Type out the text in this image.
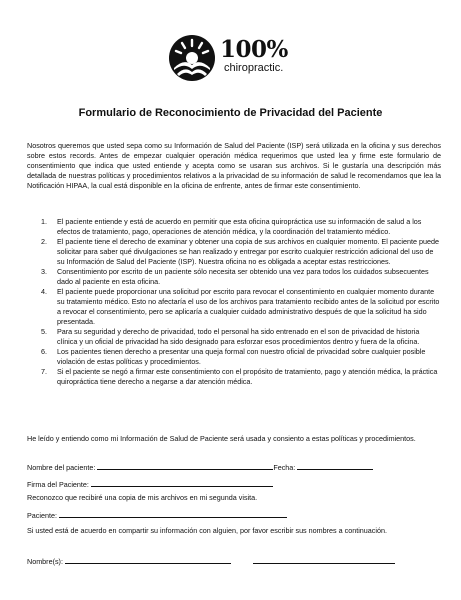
100%
chiropractic.
Formulario de Reconocimiento de Privacidad del Paciente
Nosotros queremos que usted sepa como su Información de Salud del Paciente (ISP) será utilizada en la oficina y sus derechos sobre estos records. Antes de empezar cualquier operación médica requerimos que usted lea y firme este formulario de consentimiento que indica que usted entiende y acepta como se usaran sus archivos. Si le gustaría una descripción más detallada de nuestras políticas y procedimientos relativos a la privacidad de su información de salud le recomendamos que lea la Notificación HIPAA, la cual está disponible en la oficina de enfrente, antes de firmar este consentimiento.
1. El paciente entiende y está de acuerdo en permitir que esta oficina quiropráctica use su información de salud a los efectos de tratamiento, pago, operaciones de atención médica, y la coordinación del tratamiento médico.
2. El paciente tiene el derecho de examinar y obtener una copia de sus archivos en cualquier momento. El paciente puede solicitar para saber qué divulgaciones se han realizado y entregar por escrito cualquier restricción adicional del uso de su Información de Salud del Paciente (ISP). Nuestra oficina no es obligada a aceptar estas restricciones.
3. Consentimiento por escrito de un paciente sólo necesita ser obtenido una vez para todos los cuidados subsecuentes dado al paciente en esta oficina.
4. El paciente puede proporcionar una solicitud por escrito para revocar el consentimiento en cualquier momento durante su tratamiento médico. Esto no afectaría el uso de los archivos para tratamiento recibido antes de la solicitud por escrito a revocar el consentimiento, pero se aplicaría a cualquier cuidado administrativo después de que la solicitud ha sido presentada.
5. Para su seguridad y derecho de privacidad, todo el personal ha sido entrenado en el son de privacidad de historia clínica y un oficial de privacidad ha sido designado para esforzar esos procedimientos dentro y fuera de la oficina.
6. Los pacientes tienen derecho a presentar una queja formal con nuestro oficial de privacidad sobre cualquier posible violación de estas políticas y procedimientos.
7. Si el paciente se negó a firmar este consentimiento con el propósito de tratamiento, pago y atención médica, la práctica quiropráctica tiene derecho a negarse a dar atención médica.
He leído y entiendo como mi Información de Salud de Paciente será usada y consiento a estas políticas y procedimientos.
Nombre del paciente:	Fecha:
Firma del Paciente:
Reconozco que recibiré una copia de mis archivos en mi segunda visita.
Paciente:
Si usted está de acuerdo en compartir su información con alguien, por favor escribir sus nombres a continuación.
Nombre(s):
